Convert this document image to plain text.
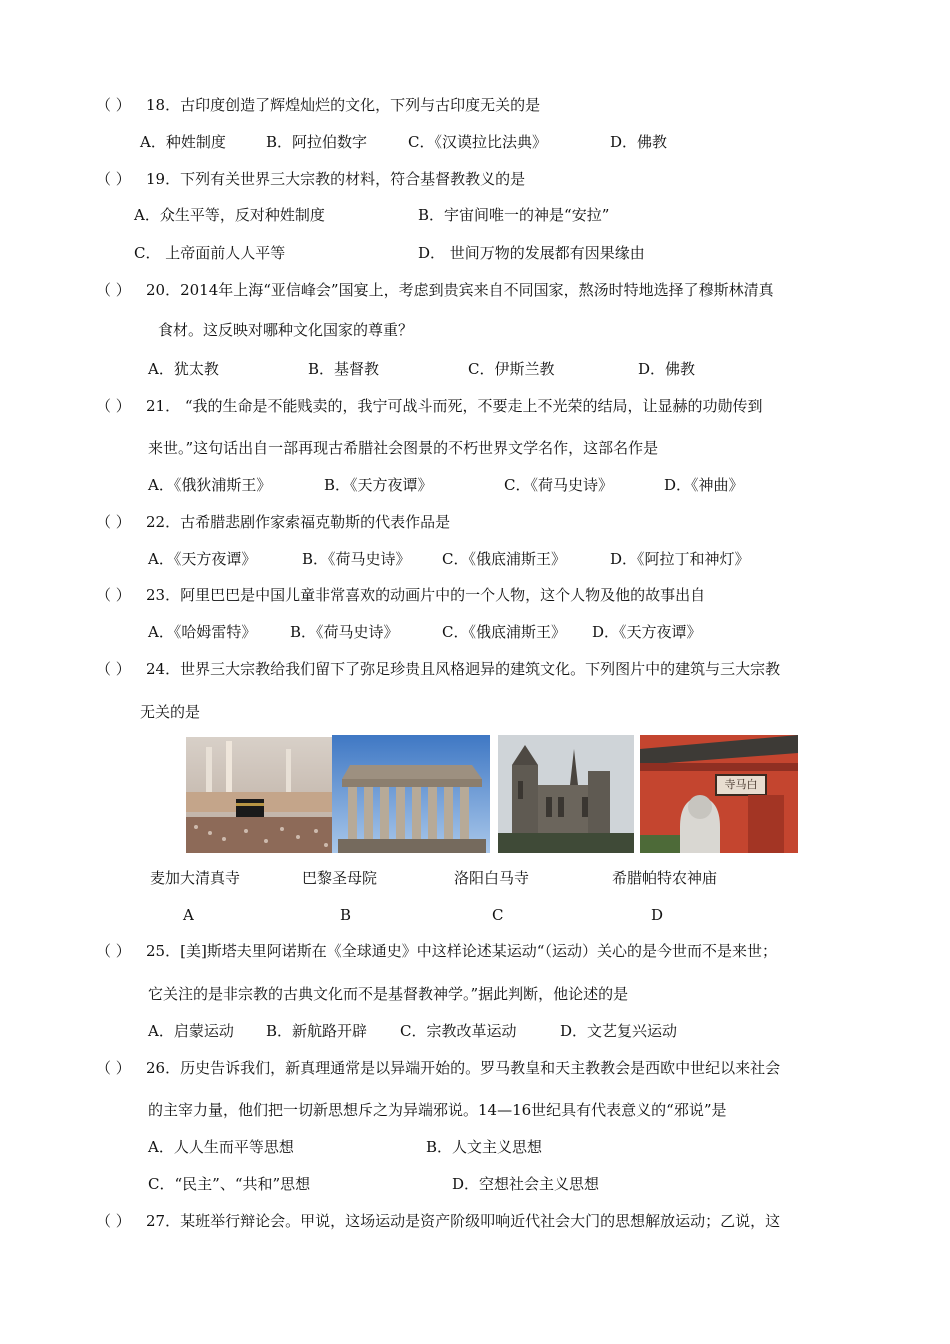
（ ） 18．古印度创造了辉煌灿烂的文化，下列与古印度无关的是
A．种姓制度	B．阿拉伯数字	C．《汉谟拉比法典》	D．佛教
（ ） 19．下列有关世界三大宗教的材料，符合基督教教义的是
A．众生平等，反对种姓制度	B．宇宙间唯一的神是“安拉”
C． 上帝面前人人平等	D． 世间万物的发展都有因果缘由
（ ） 20．2014年上海“亚信峰会”国宴上，考虑到贵宾来自不同国家，熬汤时特地选择了穆斯林清真
食材。这反映对哪种文化国家的尊重？
A．犹太教	B．基督教	C．伊斯兰教	D．佛教
（ ） 21． “我的生命是不能贱卖的，我宁可战斗而死，不要走上不光荣的结局，让显赫的功勋传到
来世。”这句话出自一部再现古希腊社会图景的不朽世界文学名作，这部名作是
A．《俄狄浦斯王》	B．《天方夜谭》	C．《荷马史诗》	D．《神曲》
（ ） 22．古希腊悲剧作家索福克勒斯的代表作品是
A．《天方夜谭》	B．《荷马史诗》 C．《俄底浦斯王》	D．《阿拉丁和神灯》
（ ） 23．阿里巴巴是中国儿童非常喜欢的动画片中的一个人物，这个人物及他的故事出自
A．《哈姆雷特》 B．《荷马史诗》	C．《俄底浦斯王》 D．《天方夜谭》
（ ） 24．世界三大宗教给我们留下了弥足珍贵且风格迥异的建筑文化。下列图片中的建筑与三大宗教
无关的是
寺马白
麦加大清真寺	巴黎圣母院	洛阳白马寺	希腊帕特农神庙
A	B	C	D
（ ） 25．[美]斯塔夫里阿诺斯在《全球通史》中这样论述某运动“（运动）关心的是今世而不是来世；
它关注的是非宗教的古典文化而不是基督教神学。”据此判断，他论述的是
A．启蒙运动 B．新航路开辟 C．宗教改革运动	D．文艺复兴运动
（ ） 26．历史告诉我们，新真理通常是以异端开始的。罗马教皇和天主教教会是西欧中世纪以来社会
的主宰力量，他们把一切新思想斥之为异端邪说。14—16世纪具有代表意义的“邪说”是
A．人人生而平等思想	B．人文主义思想
C．“民主”、“共和”思想	D．空想社会主义思想
（ ） 27．某班举行辩论会。甲说，这场运动是资产阶级叩响近代社会大门的思想解放运动；乙说，这
